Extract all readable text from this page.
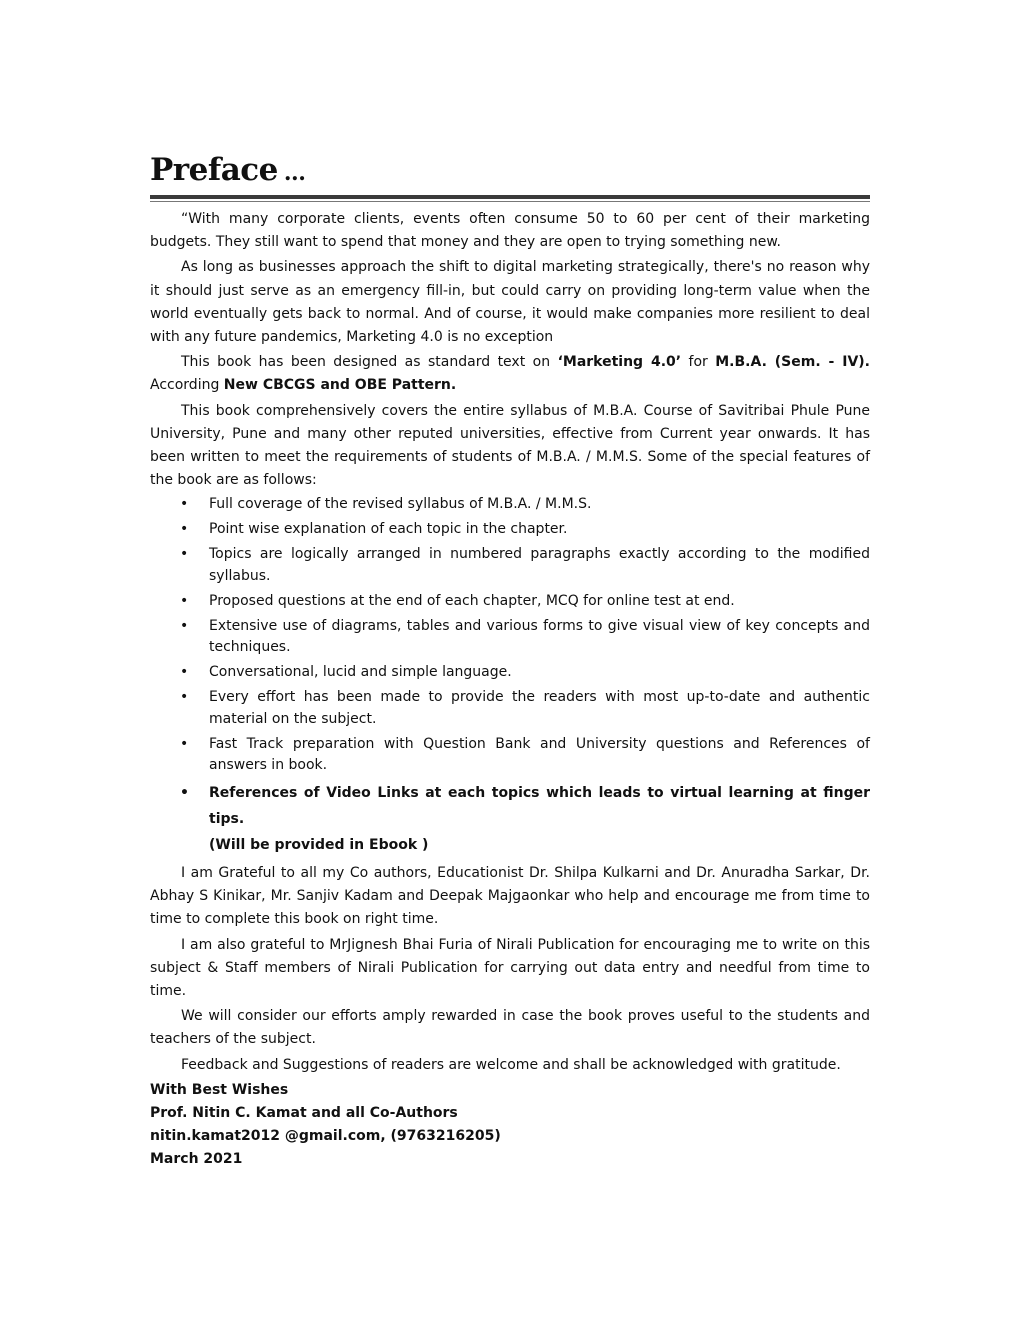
Preface ...

“With many corporate clients, events often consume 50 to 60 per cent of their marketing budgets. They still want to spend that money and they are open to trying something new.

As long as businesses approach the shift to digital marketing strategically, there's no reason why it should just serve as an emergency fill-in, but could carry on providing long-term value when the world eventually gets back to normal. And of course, it would make companies more resilient to deal with any future pandemics, Marketing 4.0 is no exception

This book has been designed as standard text on ‘Marketing 4.0’ for M.B.A. (Sem. - IV). According New CBCGS and OBE Pattern.

This book comprehensively covers the entire syllabus of M.B.A. Course of Savitribai Phule Pune University, Pune and many other reputed universities, effective from Current year onwards. It has been written to meet the requirements of students of M.B.A. / M.M.S. Some of the special features of the book are as follows:

• Full coverage of the revised syllabus of M.B.A. / M.M.S.
• Point wise explanation of each topic in the chapter.
• Topics are logically arranged in numbered paragraphs exactly according to the modified syllabus.
• Proposed questions at the end of each chapter, MCQ for online test at end.
• Extensive use of diagrams, tables and various forms to give visual view of key concepts and techniques.
• Conversational, lucid and simple language.
• Every effort has been made to provide the readers with most up-to-date and authentic material on the subject.
• Fast Track preparation with Question Bank and University questions and References of answers in book.
• References of Video Links at each topics which leads to virtual learning at finger tips.
(Will be provided in Ebook )

I am Grateful to all my Co authors, Educationist Dr. Shilpa Kulkarni and Dr. Anuradha Sarkar, Dr. Abhay S Kinikar, Mr. Sanjiv Kadam and Deepak Majgaonkar who help and encourage me from time to time to complete this book on right time.

I am also grateful to MrJignesh Bhai Furia of Nirali Publication for encouraging me to write on this subject & Staff members of Nirali Publication for carrying out data entry and needful from time to time.

We will consider our efforts amply rewarded in case the book proves useful to the students and teachers of the subject.

Feedback and Suggestions of readers are welcome and shall be acknowledged with gratitude.

With Best Wishes
Prof. Nitin C. Kamat and all Co-Authors
nitin.kamat2012 @gmail.com, (9763216205)
March 2021
